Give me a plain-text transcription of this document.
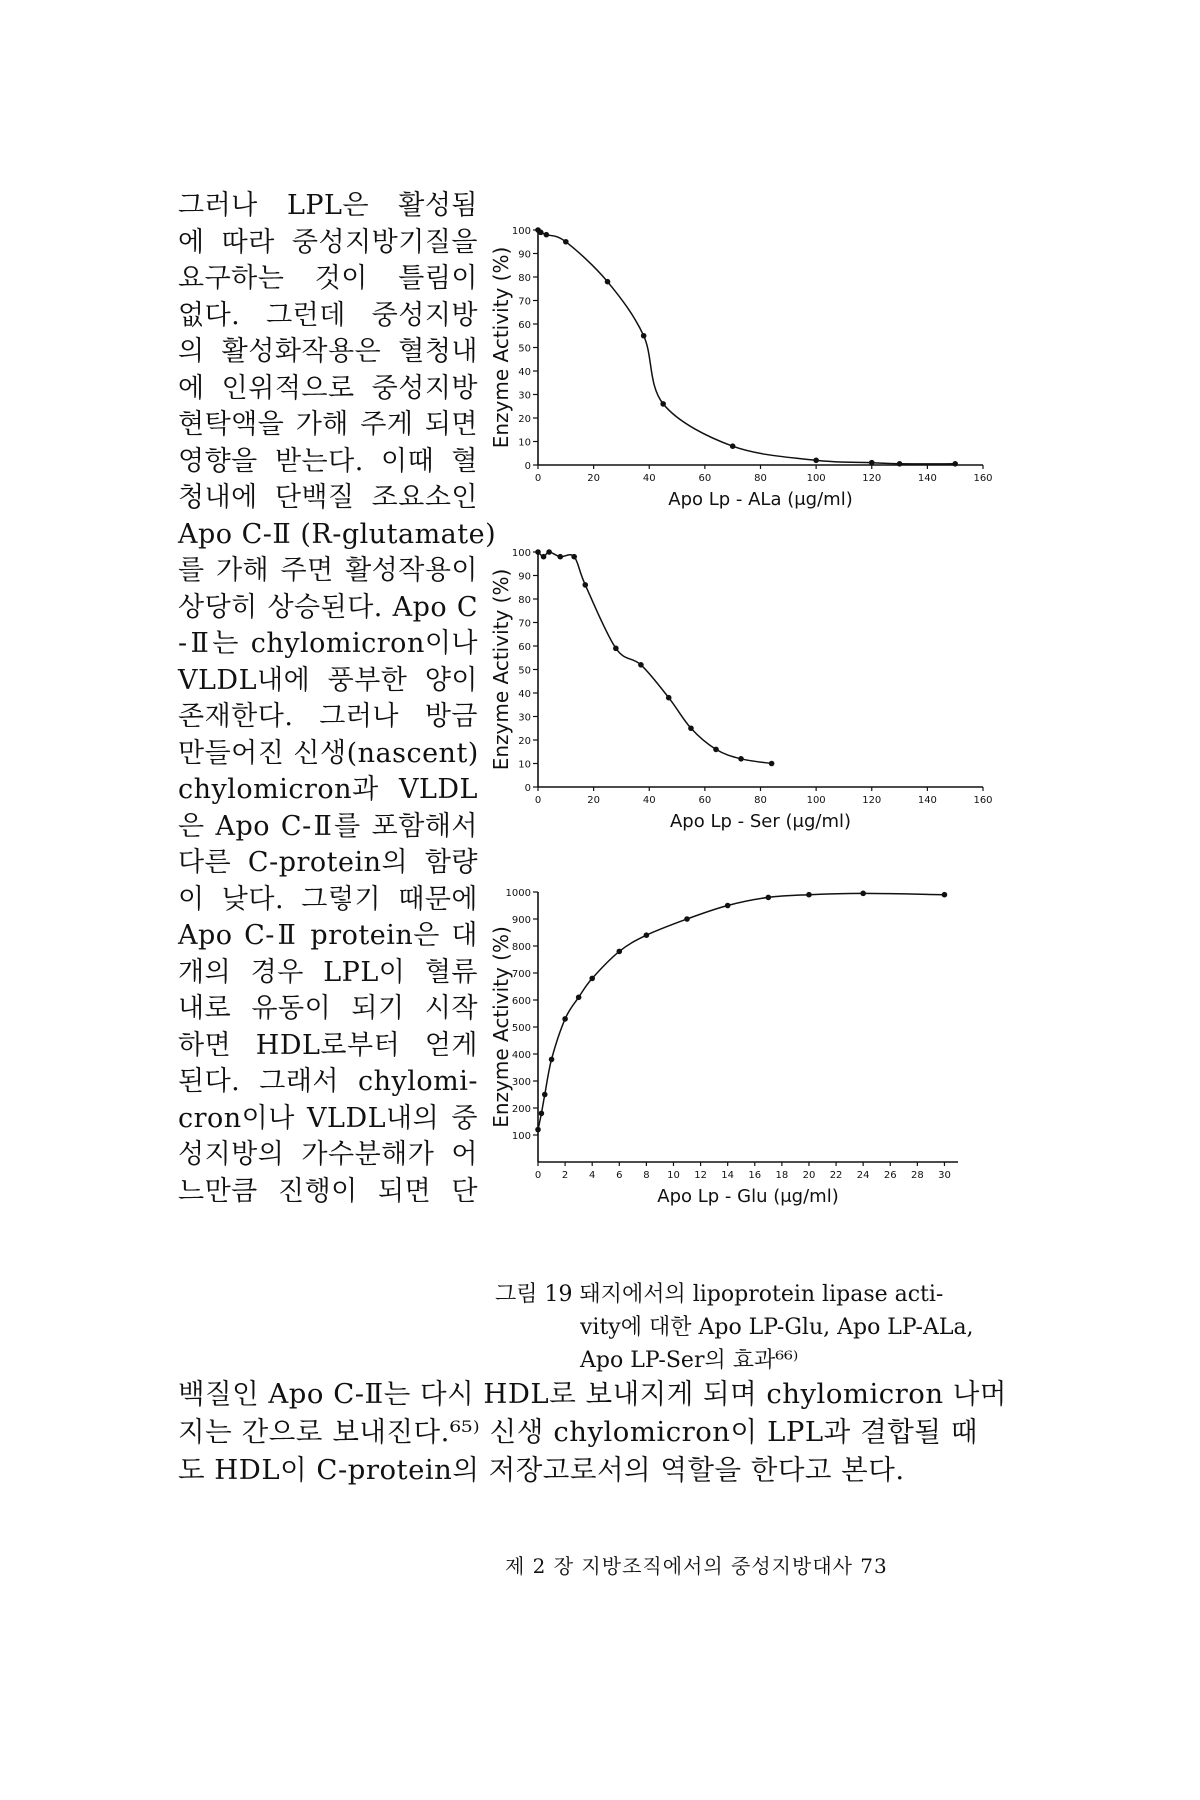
그러나 LPL은 활성됨
에 따라 중성지방기질을
요구하는 것이 틀림이
없다. 그런데 중성지방
의 활성화작용은 혈청내
에 인위적으로 중성지방
현탁액을 가해 주게 되면
영향을 받는다. 이때 혈
청내에 단백질 조요소인
Apo C-Ⅱ (R-glutamate)
를 가해 주면 활성작용이
상당히 상승된다. Apo C
-Ⅱ는 chylomicron이나
VLDL내에 풍부한 양이
존재한다. 그러나 방금
만들어진 신생(nascent)
chylomicron과 VLDL
은 Apo C-Ⅱ를 포함해서
다른 C-protein의 함량
이 낮다. 그렇기 때문에
Apo C-Ⅱ protein은 대
개의 경우 LPL이 혈류
내로 유동이 되기 시작
하면 HDL로부터 얻게
된다. 그래서 chylomi-
cron이나 VLDL내의 중
성지방의 가수분해가 어
느만큼 진행이 되면 단
0
10
20
30
40
50
60
70
80
90
100
0	20	40	60	80	100	120	140	160
Enzyme Activity (%)
Apo Lp - ALa (μg/ml)
0
10
20
30
40
50
60
70
80
90
100
0	20	40	60	80	100	120	140	160
Enzyme Activity (%)
Apo Lp - Ser (μg/ml)
100
200
300
400
500
600
700
800
900
1000
0 2 4 6 8 10 12 14 16 18 20 22 24 26 28 30
Enzyme Activity (%)
Apo Lp - Glu (μg/ml)
그림 19 돼지에서의 lipoprotein lipase acti-
vity에 대한 Apo LP-Glu, Apo LP-ALa,
Apo LP-Ser의 효과⁶⁶⁾
백질인 Apo C-Ⅱ는 다시 HDL로 보내지게 되며 chylomicron 나머
지는 간으로 보내진다.⁶⁵⁾ 신생 chylomicron이 LPL과 결합될 때
도 HDL이 C-protein의 저장고로서의 역할을 한다고 본다.
제 2 장 지방조직에서의 중성지방대사 73
